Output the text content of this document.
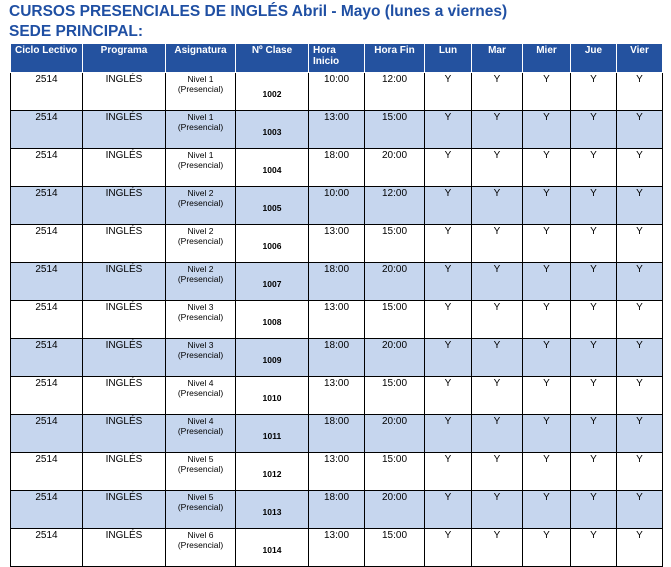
CURSOS PRESENCIALES DE INGLÉS Abril - Mayo (lunes a viernes)
SEDE PRINCIPAL:
Ciclo Lectivo	Programa	Asignatura	Nº Clase	Hora Inicio	Hora Fin	Lun	Mar	Mier	Jue	Vier

2514	INGLÉS	Nivel 1
(Presencial)	1002	10:00	12:00	Y	Y	Y	Y	Y

2514	INGLÉS	Nivel 1
(Presencial)	1003	13:00	15:00	Y	Y	Y	Y	Y

2514	INGLÉS	Nivel 1
(Presencial)	1004	18:00	20:00	Y	Y	Y	Y	Y

2514	INGLÉS	Nivel 2
(Presencial)	1005	10:00	12:00	Y	Y	Y	Y	Y

2514	INGLÉS	Nivel 2
(Presencial)	1006	13:00	15:00	Y	Y	Y	Y	Y

2514	INGLÉS	Nivel 2
(Presencial)	1007	18:00	20:00	Y	Y	Y	Y	Y

2514	INGLÉS	Nivel 3
(Presencial)	1008	13:00	15:00	Y	Y	Y	Y	Y

2514	INGLÉS	Nivel 3
(Presencial)	1009	18:00	20:00	Y	Y	Y	Y	Y

2514	INGLÉS	Nivel 4
(Presencial)	1010	13:00	15:00	Y	Y	Y	Y	Y

2514	INGLÉS	Nivel 4
(Presencial)	1011	18:00	20:00	Y	Y	Y	Y	Y

2514	INGLÉS	Nivel 5
(Presencial)	1012	13:00	15:00	Y	Y	Y	Y	Y

2514	INGLÉS	Nivel 5
(Presencial)	1013	18:00	20:00	Y	Y	Y	Y	Y

2514	INGLÉS	Nivel 6
(Presencial)	1014	13:00	15:00	Y	Y	Y	Y	Y
